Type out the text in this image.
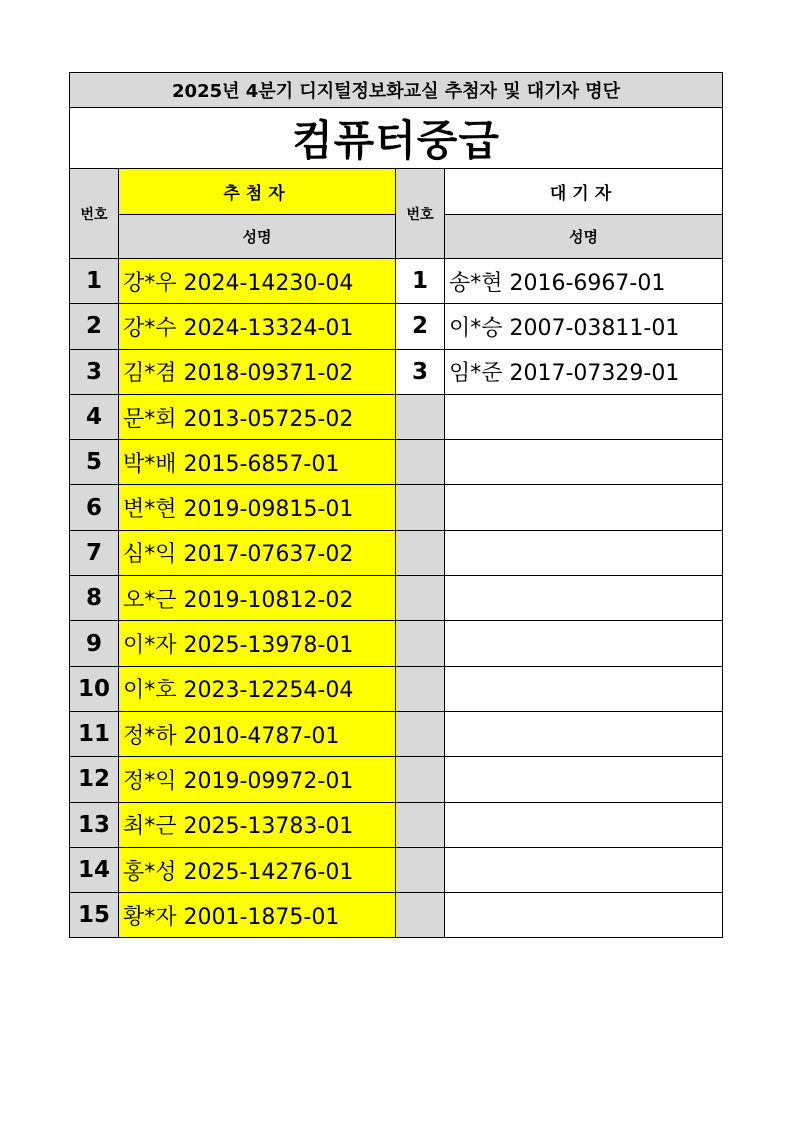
2025년 4분기 디지털정보화교실 추첨자 및 대기자 명단			
컴퓨터중급			
번호	추첨자	번호	대기자
	성명		성명
1	강*우 2024-14230-04	1	송*현 2016-6967-01
2	강*수 2024-13324-01	2	이*승 2007-03811-01
3	김*겸 2018-09371-02	3	임*준 2017-07329-01
4	문*회 2013-05725-02		
5	박*배 2015-6857-01		
6	변*현 2019-09815-01		
7	심*익 2017-07637-02		
8	오*근 2019-10812-02		
9	이*자 2025-13978-01		
10	이*호 2023-12254-04		
11	정*하 2010-4787-01		
12	정*익 2019-09972-01		
13	최*근 2025-13783-01		
14	홍*성 2025-14276-01		
15	황*자 2001-1875-01		
